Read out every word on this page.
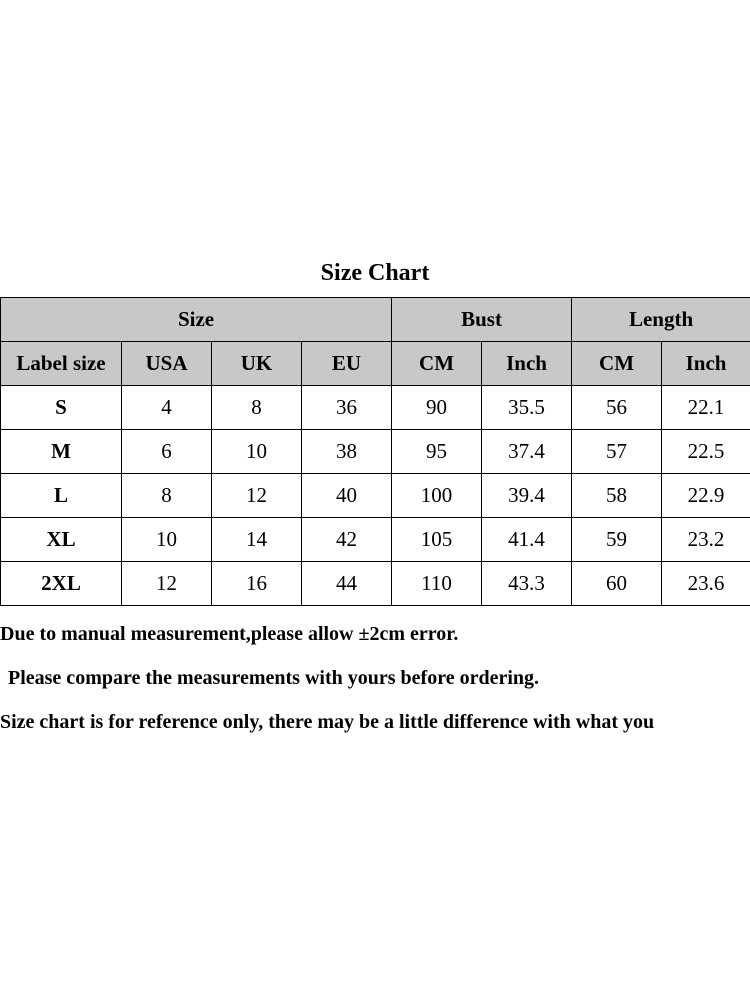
Size Chart
Size				Bust		Length	
Label size	USA	UK	EU	CM	Inch	CM	Inch
S	4	8	36	90	35.5	56	22.1
M	6	10	38	95	37.4	57	22.5
L	8	12	40	100	39.4	58	22.9
XL	10	14	42	105	41.4	59	23.2
2XL	12	16	44	110	43.3	60	23.6
Due to manual measurement,please allow ±2cm error.
Please compare the measurements with yours before ordering.
Size chart is for reference only, there may be a little difference with what you
